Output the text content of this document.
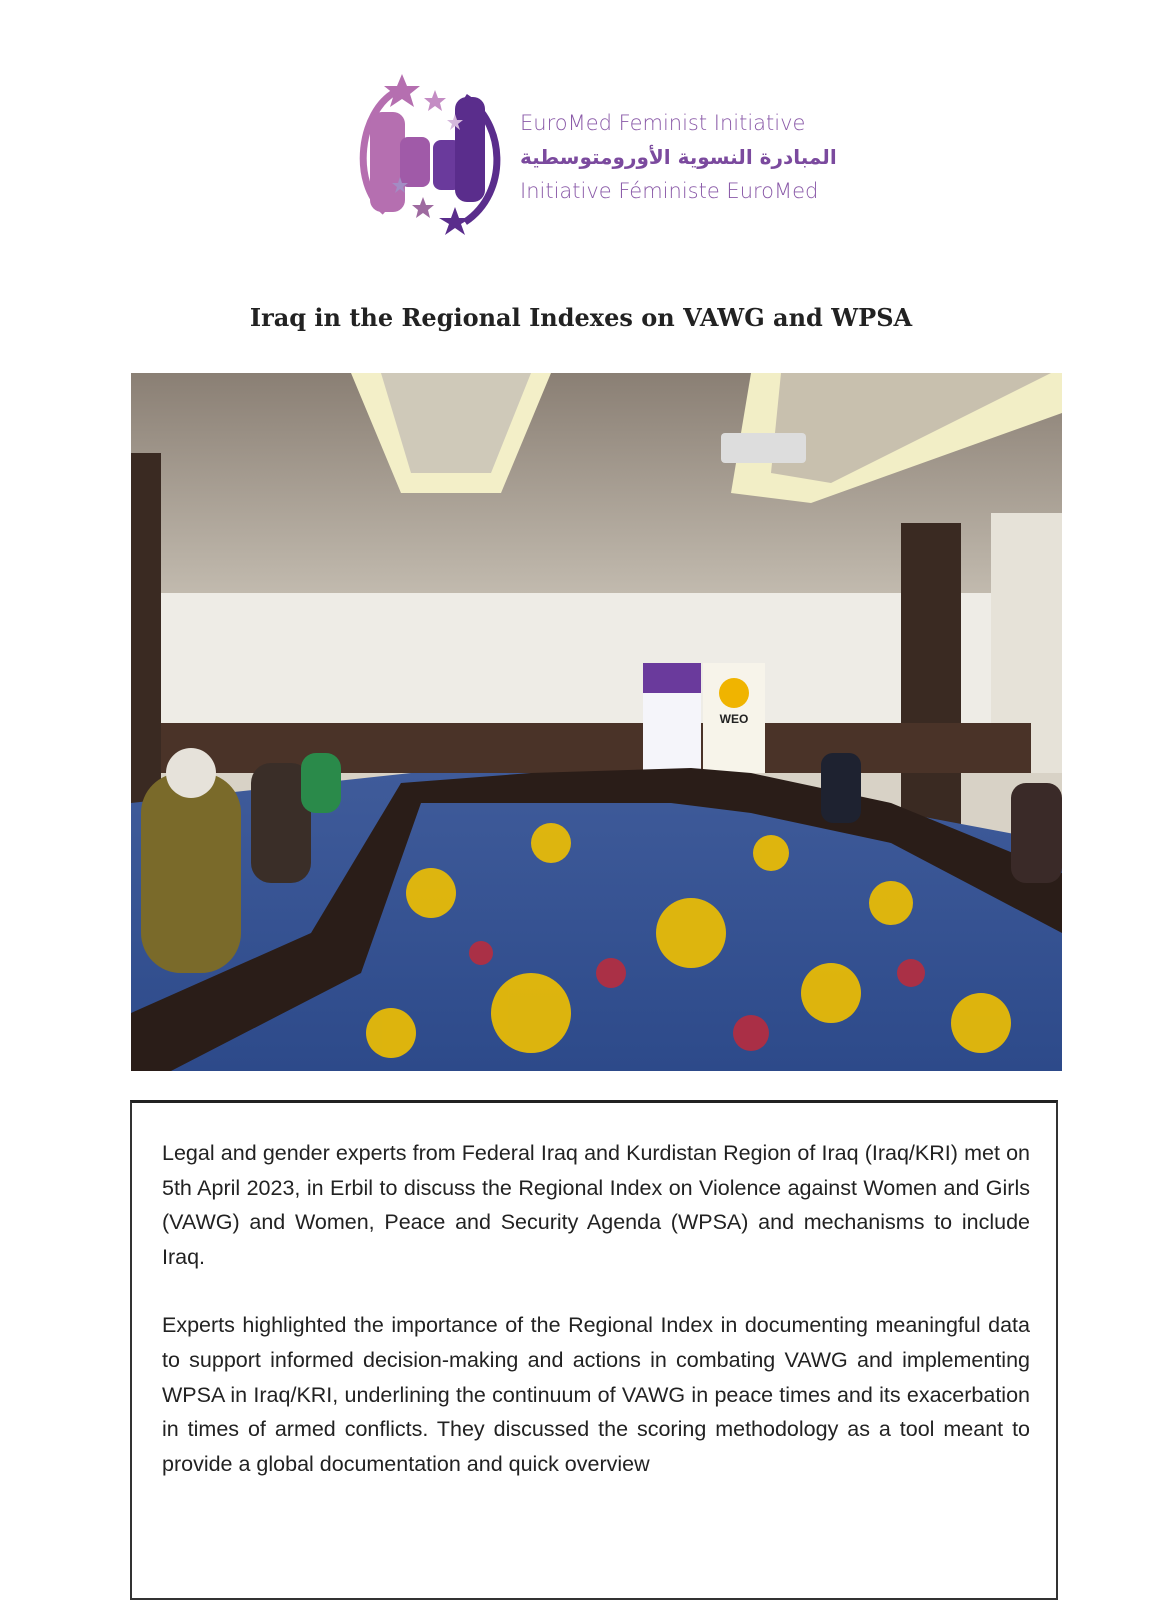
EuroMed Feminist Initiative
المبادرة النسوية الأورومتوسطية
Initiative Féministe EuroMed
Iraq in the Regional Indexes on VAWG and WPSA
WEO

Legal and gender experts from Federal Iraq and Kurdistan Region of Iraq (Iraq/KRI) met on 5th April 2023, in Erbil to discuss the Regional Index on Violence against Women and Girls (VAWG) and Women, Peace and Security Agenda (WPSA) and mechanisms to include Iraq.

Experts highlighted the importance of the Regional Index in documenting meaningful data to support informed decision-making and actions in combating VAWG and implementing WPSA in Iraq/KRI, underlining the continuum of VAWG in peace times and its exacerbation in times of armed conflicts. They discussed the scoring methodology as a tool meant to provide a global documentation and quick overview
